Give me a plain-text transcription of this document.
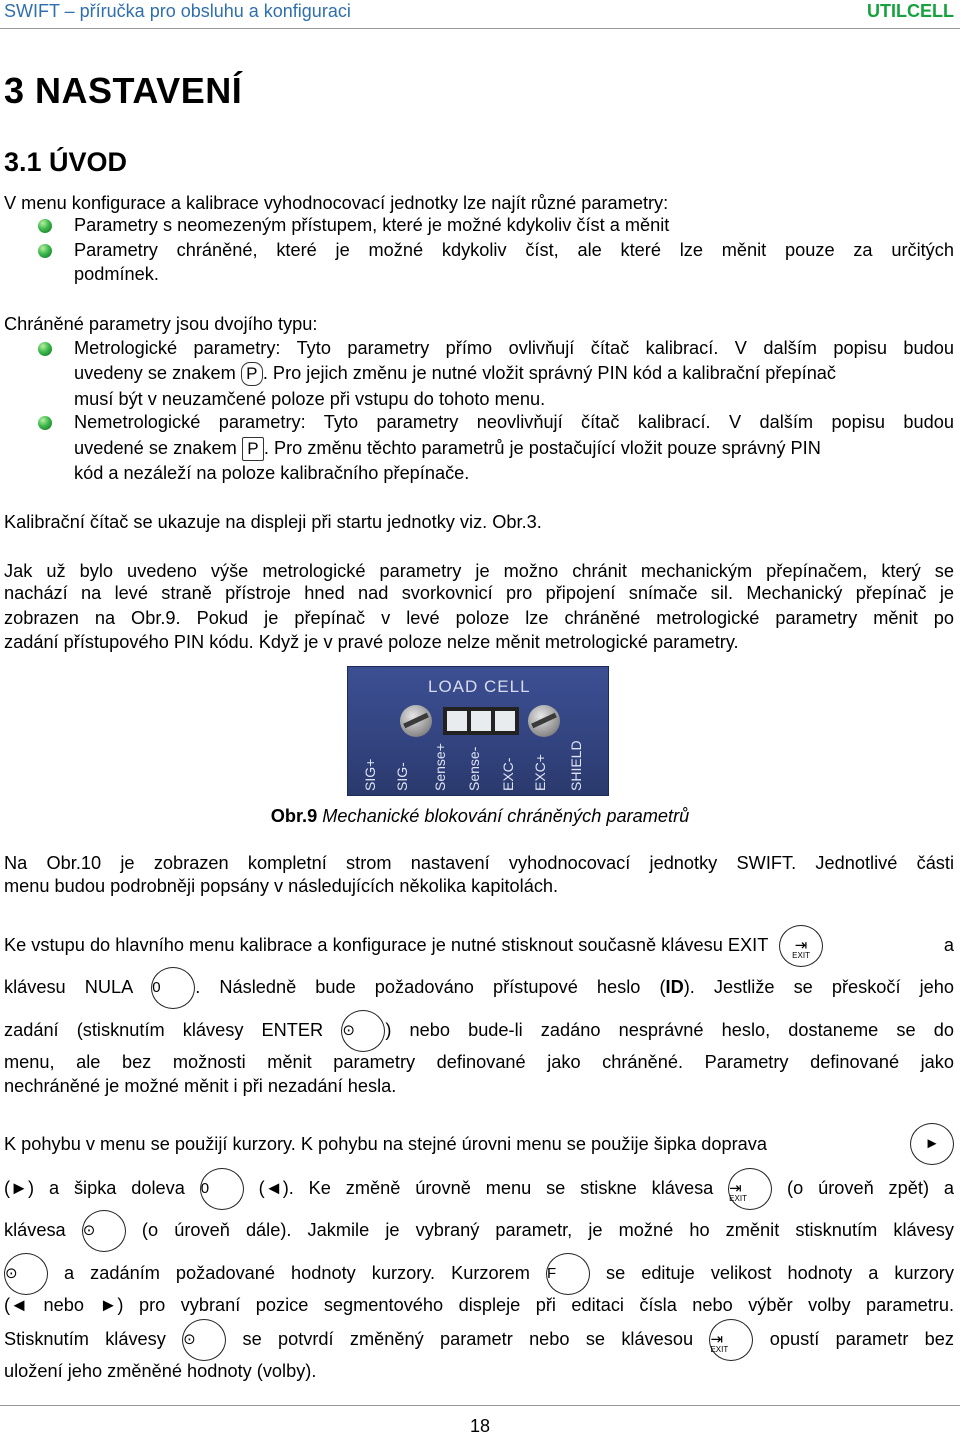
SWIFT – příručka pro obsluhu a konfiguraci	UTILCELL
3 NASTAVENÍ
3.1 ÚVOD
V menu konfigurace a kalibrace vyhodnocovací jednotky lze najít různé parametry:
Parametry s neomezeným přístupem, které je možné kdykoliv číst a měnit
Parametry chráněné, které je možné kdykoliv číst, ale které lze měnit pouze za určitých
podmínek.
Chráněné parametry jsou dvojího typu:
Metrologické parametry: Tyto parametry přímo ovlivňují čítač kalibrací. V dalším popisu budou
uvedeny se znakem P . Pro jejich změnu je nutné vložit správný PIN kód a kalibrační přepínač
musí být v neuzamčené poloze při vstupu do tohoto menu.
Nemetrologické parametry: Tyto parametry neovlivňují čítač kalibrací. V dalším popisu budou
uvedené se znakem P . Pro změnu těchto parametrů je postačující vložit pouze správný PIN
kód a nezáleží na poloze kalibračního přepínače.
Kalibrační čítač se ukazuje na displeji při startu jednotky viz. Obr.3.
Jak už bylo uvedeno výše metrologické parametry je možno chránit mechanickým přepínačem, který se
nachází na levé straně přístroje hned nad svorkovnicí pro připojení snímače sil. Mechanický přepínač je
zobrazen na Obr.9. Pokud je přepínač v levé poloze lze chráněné metrologické parametry měnit po
zadání přístupového PIN kódu. Když je v pravé poloze nelze měnit metrologické parametry.
LOAD CELL
SIG+ SIG- Sense+ Sense- EXC- EXC+ SHIELD
Obr.9 Mechanické blokování chráněných parametrů
Na Obr.10 je zobrazen kompletní strom nastavení vyhodnocovací jednotky SWIFT. Jednotlivé části
menu budou podrobněji popsány v následujících několika kapitolách.
Ke vstupu do hlavního menu kalibrace a konfigurace je nutné stisknout současně klávesu EXIT ⇥
EXIT
a
klávesu NULA 0 . Následně bude požadováno přístupové heslo (ID). Jestliže se přeskočí jeho
zadání (stisknutím klávesy ENTER ⊙ ) nebo bude-li zadáno nesprávné heslo, dostaneme se do
menu, ale bez možnosti měnit parametry definované jako chráněné. Parametry definované jako
nechráněné je možné měnit i při nezadání hesla.
K pohybu v menu se použijí kurzory. K pohybu na stejné úrovni menu se použije šipka doprava	►
(►) a šipka doleva 0	(◄). Ke změně úrovně menu se stiskne klávesa ⇥
EXIT
(o úroveň zpět) a
klávesa ⊙	(o úroveň dále). Jakmile je vybraný parametr, je možné ho změnit stisknutím klávesy
⊙	a zadáním požadované hodnoty kurzory. Kurzorem F	se edituje velikost hodnoty a kurzory
(◄ nebo ►) pro vybraní pozice segmentového displeje při editaci čísla nebo výběr volby parametru.
Stisknutím klávesy ⊙	se potvrdí změněný parametr nebo se klávesou ⇥
EXIT
opustí parametr bez
uložení jeho změněné hodnoty (volby).
18
